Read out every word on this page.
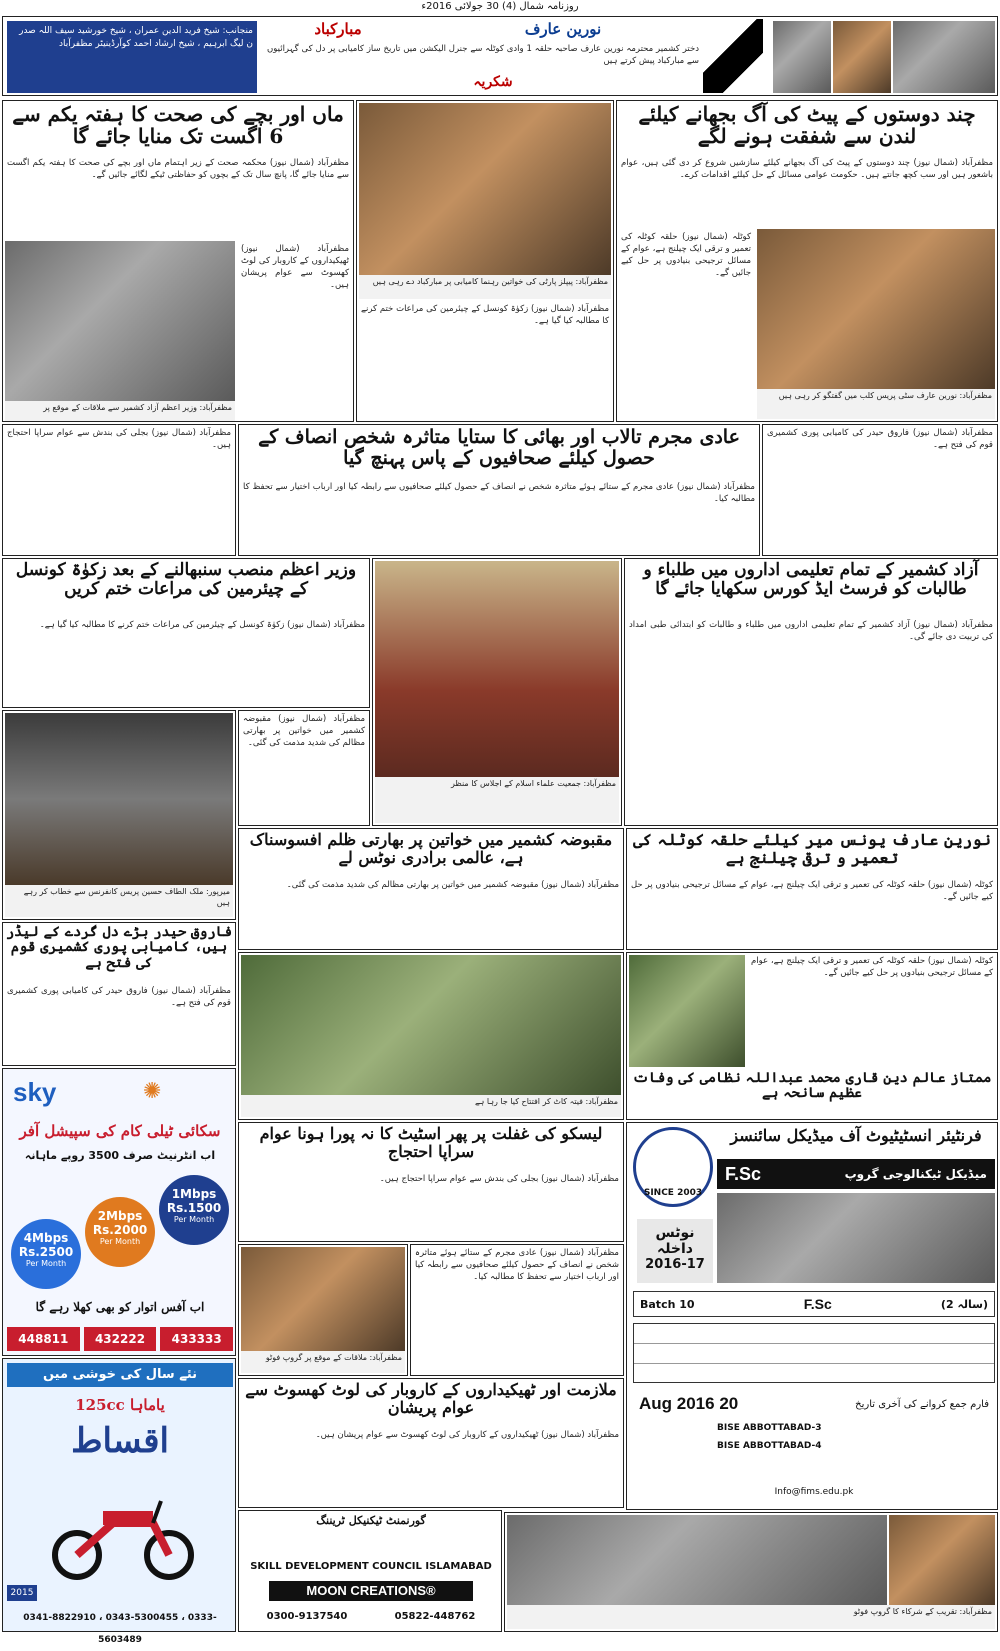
روزنامہ شمال (4) 30 جولائی 2016ء
نورین عارف
مبارکباد
دختر کشمیر محترمہ نورین عارف صاحبہ حلقہ 1 وادی کوٹلہ سے جنرل الیکشن میں تاریخ ساز کامیابی پر دل کی گہرائیوں سے مبارکباد پیش کرتے ہیں
شکریہ
منجانب: شیخ فرید الدین عمران ، شیخ خورشید سیف اللہ صدر ن لیگ ابرہیم ، شیخ ارشاد احمد کوآرڈینیٹر مظفرآباد
چند دوستوں کے پیٹ کی آگ بجھانے کیلئے لندن سے شفقت ہونے لگے
مظفرآباد (شمال نیوز) چند دوستوں کے پیٹ کی آگ بجھانے کیلئے سازشیں شروع کر دی گئی ہیں، عوام باشعور ہیں اور سب کچھ جانتے ہیں۔ حکومت عوامی مسائل کے حل کیلئے اقدامات کرے۔
مظفرآباد: نورین عارف سٹی پریس کلب میں گفتگو کر رہی ہیں
کوٹلہ (شمال نیوز) حلقہ کوٹلہ کی تعمیر و ترقی ایک چیلنج ہے، عوام کے مسائل ترجیحی بنیادوں پر حل کیے جائیں گے۔
مظفرآباد: پیپلز پارٹی کی خواتین رہنما کامیابی پر مبارکباد دے رہی ہیں
مظفرآباد (شمال نیوز) زکوٰۃ کونسل کے چیئرمین کی مراعات ختم کرنے کا مطالبہ کیا گیا ہے۔
ماں اور بچے کی صحت کا ہفتہ یکم سے 6 اگست تک منایا جائے گا
مظفرآباد (شمال نیوز) محکمہ صحت کے زیر اہتمام ماں اور بچے کی صحت کا ہفتہ یکم اگست سے منایا جائے گا، پانچ سال تک کے بچوں کو حفاظتی ٹیکے لگائے جائیں گے۔
مظفرآباد: وزیر اعظم آزاد کشمیر سے ملاقات کے موقع پر
مظفرآباد (شمال نیوز) ٹھیکیداروں کے کاروبار کی لوٹ کھسوٹ سے عوام پریشان ہیں۔
عادی مجرم تالاب اور بھائی کا ستایا متاثرہ شخص انصاف کے حصول کیلئے صحافیوں کے پاس پہنچ گیا
مظفرآباد (شمال نیوز) عادی مجرم کے ستائے ہوئے متاثرہ شخص نے انصاف کے حصول کیلئے صحافیوں سے رابطہ کیا اور ارباب اختیار سے تحفظ کا مطالبہ کیا۔
مظفرآباد (شمال نیوز) بجلی کی بندش سے عوام سراپا احتجاج ہیں۔
مظفرآباد (شمال نیوز) فاروق حیدر کی کامیابی پوری کشمیری قوم کی فتح ہے۔
آزاد کشمیر کے تمام تعلیمی اداروں میں طلباء و طالبات کو فرسٹ ایڈ کورس سکھایا جائے گا
مظفرآباد (شمال نیوز) آزاد کشمیر کے تمام تعلیمی اداروں میں طلباء و طالبات کو ابتدائی طبی امداد کی تربیت دی جائے گی۔
مظفرآباد: جمعیت علماء اسلام کے اجلاس کا منظر
وزیر اعظم منصب سنبھالنے کے بعد زکوٰۃ کونسل کے چیئرمین کی مراعات ختم کریں
مظفرآباد (شمال نیوز) زکوٰۃ کونسل کے چیئرمین کی مراعات ختم کرنے کا مطالبہ کیا گیا ہے۔
میرپور: ملک الطاف حسین پریس کانفرنس سے خطاب کر رہے ہیں
مظفرآباد (شمال نیوز) مقبوضہ کشمیر میں خواتین پر بھارتی مظالم کی شدید مذمت کی گئی۔
مقبوضہ کشمیر میں خواتین پر بھارتی ظلم افسوسناک ہے، عالمی برادری نوٹس لے
مظفرآباد (شمال نیوز) مقبوضہ کشمیر میں خواتین پر بھارتی مظالم کی شدید مذمت کی گئی۔
نورین عارف یونس میر کیلئے حلقہ کوٹلہ کی تعمیر و ترقی چیلنج ہے
کوٹلہ (شمال نیوز) حلقہ کوٹلہ کی تعمیر و ترقی ایک چیلنج ہے، عوام کے مسائل ترجیحی بنیادوں پر حل کیے جائیں گے۔
فاروق حیدر بڑے دل گردے کے لیڈر ہیں، کامیابی پوری کشمیری قوم کی فتح ہے
مظفرآباد (شمال نیوز) فاروق حیدر کی کامیابی پوری کشمیری قوم کی فتح ہے۔
مظفرآباد: فیتہ کاٹ کر افتتاح کیا جا رہا ہے
کوٹلہ (شمال نیوز) حلقہ کوٹلہ کی تعمیر و ترقی ایک چیلنج ہے، عوام کے مسائل ترجیحی بنیادوں پر حل کیے جائیں گے۔
ممتاز عالم دین قاری محمد عبداللہ نظامی کی وفات عظیم سانحہ ہے
sky	✺
سکائی ٹیلی کام کی سپیشل آفر
اب انٹرنیٹ صرف 3500 روپے ماہانہ
4Mbps
Rs.2500
Per Month
2Mbps
Rs.2000
Per Month
1Mbps
Rs.1500
Per Month
اب آفس اتوار کو بھی کھلا رہے گا
448811	432222	433333
نئے سال کی خوشی میں
یاماہا 125cc
اقساط
2015
0341-8822910 ، 0343-5300455 ، 0333-5603489
لیسکو کی غفلت پر پھر اسٹیٹ کا نہ پورا ہونا عوام سراپا احتجاج
مظفرآباد (شمال نیوز) بجلی کی بندش سے عوام سراپا احتجاج ہیں۔
مظفرآباد: ملاقات کے موقع پر گروپ فوٹو
مظفرآباد (شمال نیوز) عادی مجرم کے ستائے ہوئے متاثرہ شخص نے انصاف کے حصول کیلئے صحافیوں سے رابطہ کیا اور ارباب اختیار سے تحفظ کا مطالبہ کیا۔
ملازمت اور ٹھیکیداروں کے کاروبار کی لوٹ کھسوٹ سے عوام پریشان
مظفرآباد (شمال نیوز) ٹھیکیداروں کے کاروبار کی لوٹ کھسوٹ سے عوام پریشان ہیں۔
گورنمنٹ ٹیکنیکل ٹریننگ
SKILL DEVELOPMENT COUNCIL ISLAMABAD
MOON CREATIONS®
0300-9137540	05822-448762
فرنٹیئر انسٹیٹیوٹ آف میڈیکل سائنسز
SINCE 2003
F.Sc	میڈیکل ٹیکنالوجی گروپ
نوٹس داخلہ
2016-17
Batch 10	F.Sc	(2 سالہ)
فارم جمع کروانے کی آخری تاریخ
20 Aug 2016
BISE ABBOTTABAD-3
BISE ABBOTTABAD-4
Info@fims.edu.pk
مظفرآباد: تقریب کے شرکاء کا گروپ فوٹو
